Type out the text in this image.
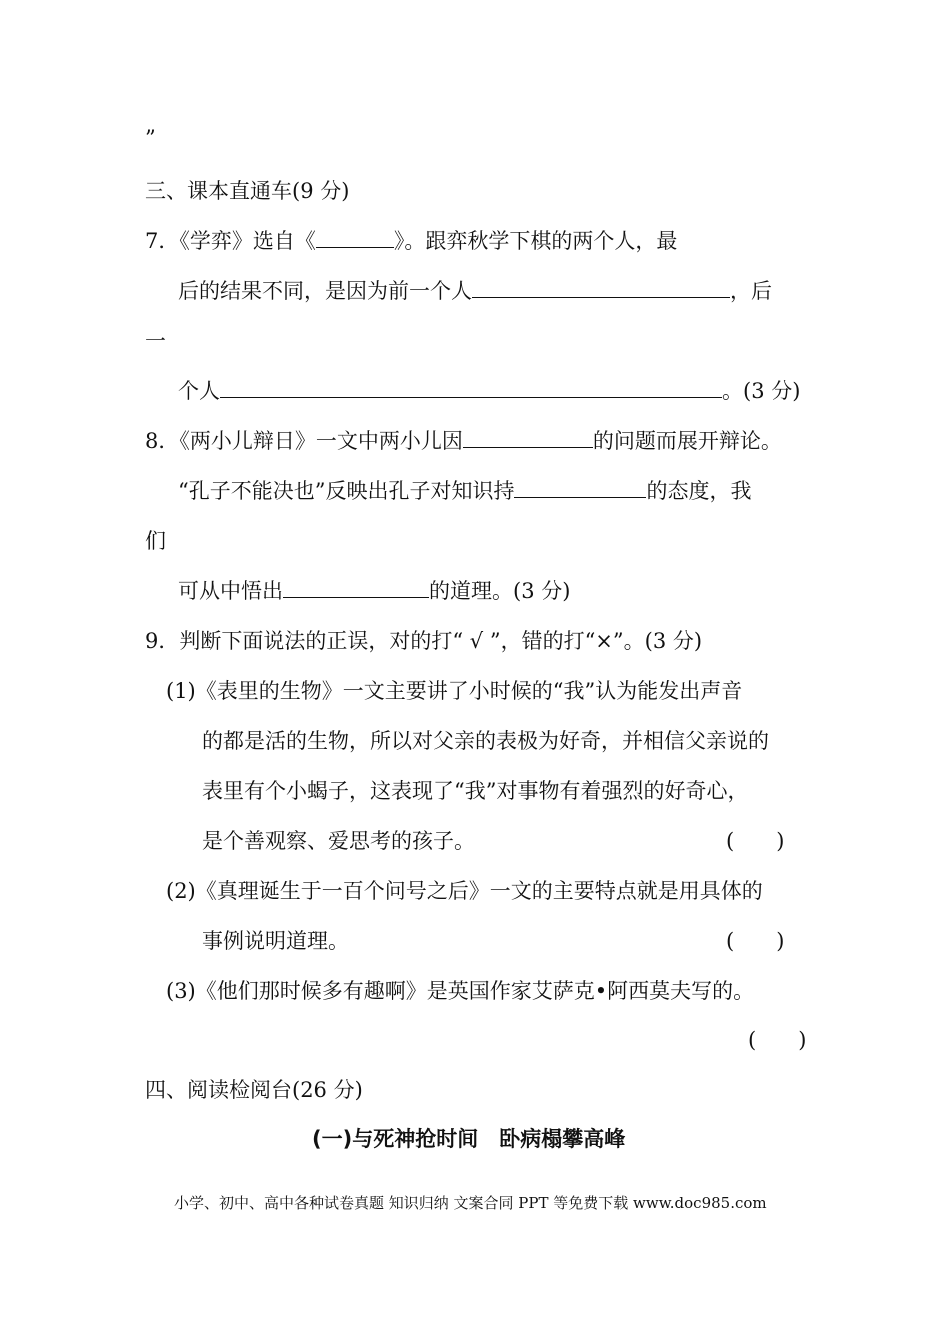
”
三、课本直通车(9 分)
7．《学弈》选自《	》。跟弈秋学下棋的两个人，最
后的结果不同，是因为前一个人	，后
一
个人	。(3 分)
8．《两小儿辩日》一文中两小儿因	的问题而展开辩论。
“孔子不能决也”反映出孔子对知识持	的态度，我
们
可从中悟出	的道理。(3 分)
9．判断下面说法的正误，对的打“ √ ”，错的打“×”。(3 分)
(1)《表里的生物》一文主要讲了小时候的“我”认为能发出声音
的都是活的生物，所以对父亲的表极为好奇，并相信父亲说的
表里有个小蝎子，这表现了“我”对事物有着强烈的好奇心，
是个善观察、爱思考的孩子。	(　　)
(2)《真理诞生于一百个问号之后》一文的主要特点就是用具体的
事例说明道理。	(　　)
(3)《他们那时候多有趣啊》是英国作家艾萨克•阿西莫夫写的。
(　　)
四、阅读检阅台(26 分)
(一)与死神抢时间　卧病榻攀高峰
小学、初中、高中各种试卷真题 知识归纳 文案合同 PPT 等免费下载 www.doc985.com
